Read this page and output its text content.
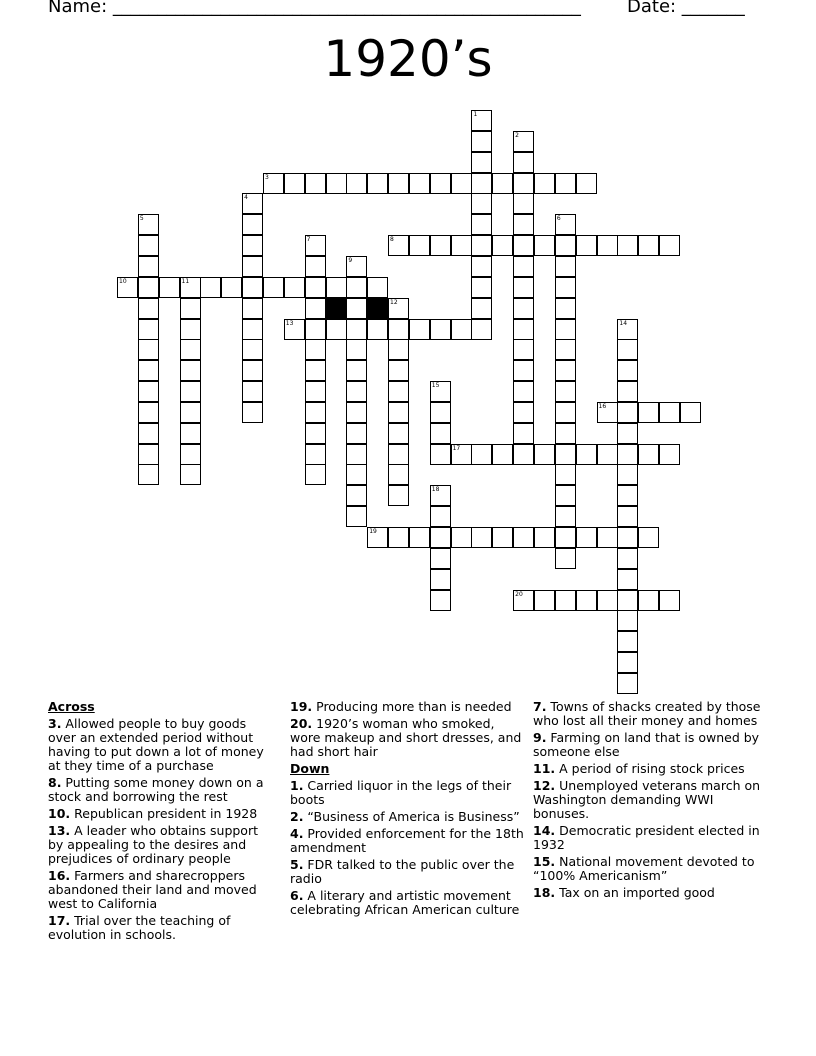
Name: ____________________________________________________	Date: _______
1920’s
1
2
3
4
5	6
7	8
9
10	11
12
13	14
15
16
17
18
19
20
Across
3. Allowed people to buy goods over an extended period without having to put down a lot of money at they time of a purchase
8. Putting some money down on a stock and borrowing the rest
10. Republican president in 1928
13. A leader who obtains support by appealing to the desires and prejudices of ordinary people
16. Farmers and sharecroppers abandoned their land and moved west to California
17. Trial over the teaching of evolution in schools.
19. Producing more than is needed
20. 1920’s woman who smoked, wore makeup and short dresses, and had short hair
Down
1. Carried liquor in the legs of their boots
2. “Business of America is Business”
4. Provided enforcement for the 18th amendment
5. FDR talked to the public over the radio
6. A literary and artistic movement celebrating African American culture
7. Towns of shacks created by those who lost all their money and homes
9. Farming on land that is owned by someone else
11. A period of rising stock prices
12. Unemployed veterans march on Washington demanding WWI bonuses.
14. Democratic president elected in 1932
15. National movement devoted to “100% Americanism”
18. Tax on an imported good
